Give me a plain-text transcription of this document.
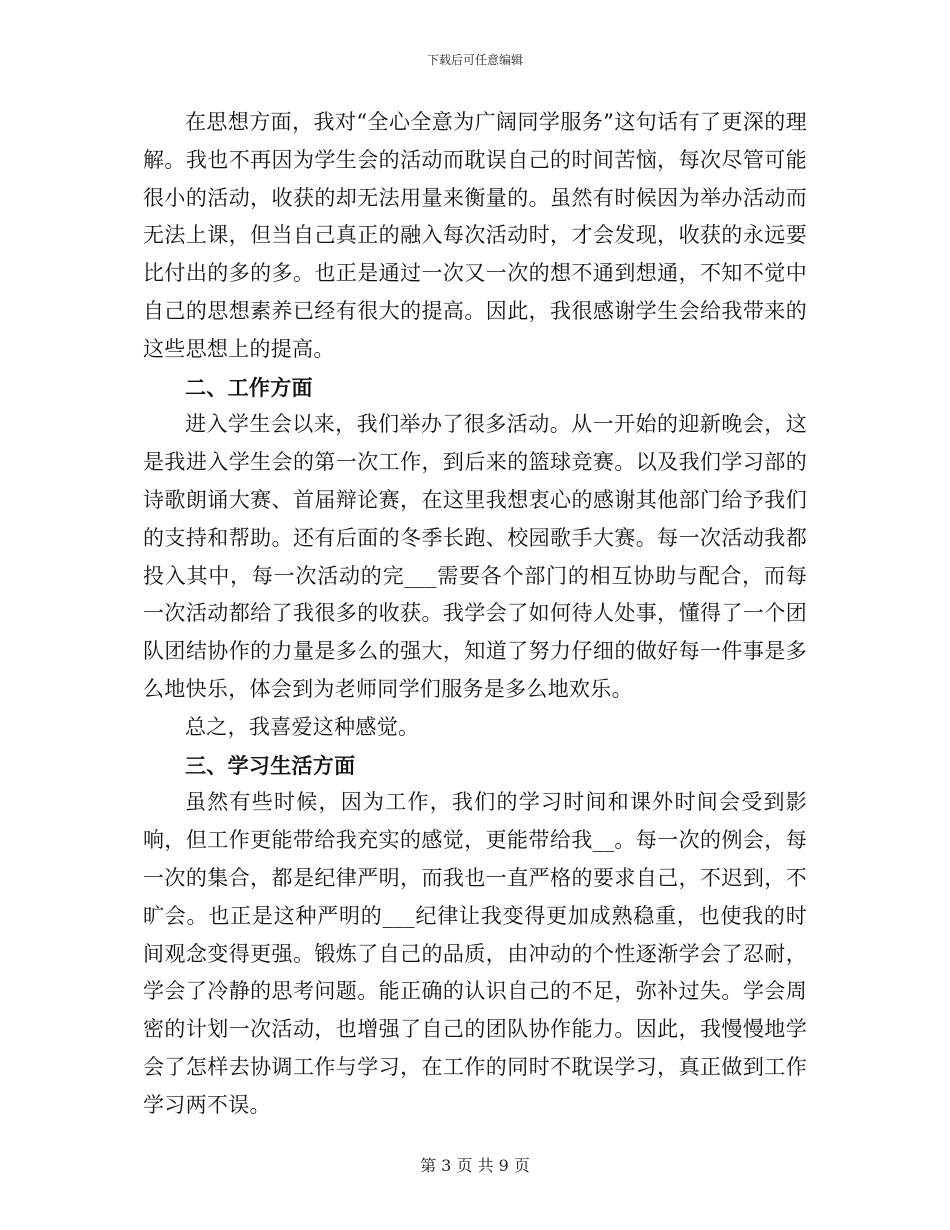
下载后可任意编辑

在思想方面，我对“全心全意为广阔同学服务”这句话有了更深的理解。我也不再因为学生会的活动而耽误自己的时间苦恼，每次尽管可能很小的活动，收获的却无法用量来衡量的。虽然有时候因为举办活动而无法上课，但当自己真正的融入每次活动时，才会发现，收获的永远要比付出的多的多。也正是通过一次又一次的想不通到想通，不知不觉中自己的思想素养已经有很大的提高。因此，我很感谢学生会给我带来的这些思想上的提高。

二、工作方面

进入学生会以来，我们举办了很多活动。从一开始的迎新晚会，这是我进入学生会的第一次工作，到后来的篮球竞赛。以及我们学习部的诗歌朗诵大赛、首届辩论赛，在这里我想衷心的感谢其他部门给予我们的支持和帮助。还有后面的冬季长跑、校园歌手大赛。每一次活动我都投入其中，每一次活动的完___需要各个部门的相互协助与配合，而每一次活动都给了我很多的收获。我学会了如何待人处事，懂得了一个团队团结协作的力量是多么的强大，知道了努力仔细的做好每一件事是多么地快乐，体会到为老师同学们服务是多么地欢乐。

总之，我喜爱这种感觉。

三、学习生活方面

虽然有些时候，因为工作，我们的学习时间和课外时间会受到影响，但工作更能带给我充实的感觉，更能带给我__。每一次的例会，每一次的集合，都是纪律严明，而我也一直严格的要求自己，不迟到，不旷会。也正是这种严明的___纪律让我变得更加成熟稳重，也使我的时间观念变得更强。锻炼了自己的品质，由冲动的个性逐渐学会了忍耐，学会了冷静的思考问题。能正确的认识自己的不足，弥补过失。学会周密的计划一次活动，也增强了自己的团队协作能力。因此，我慢慢地学会了怎样去协调工作与学习，在工作的同时不耽误学习，真正做到工作学习两不误。

第 3 页 共 9 页
